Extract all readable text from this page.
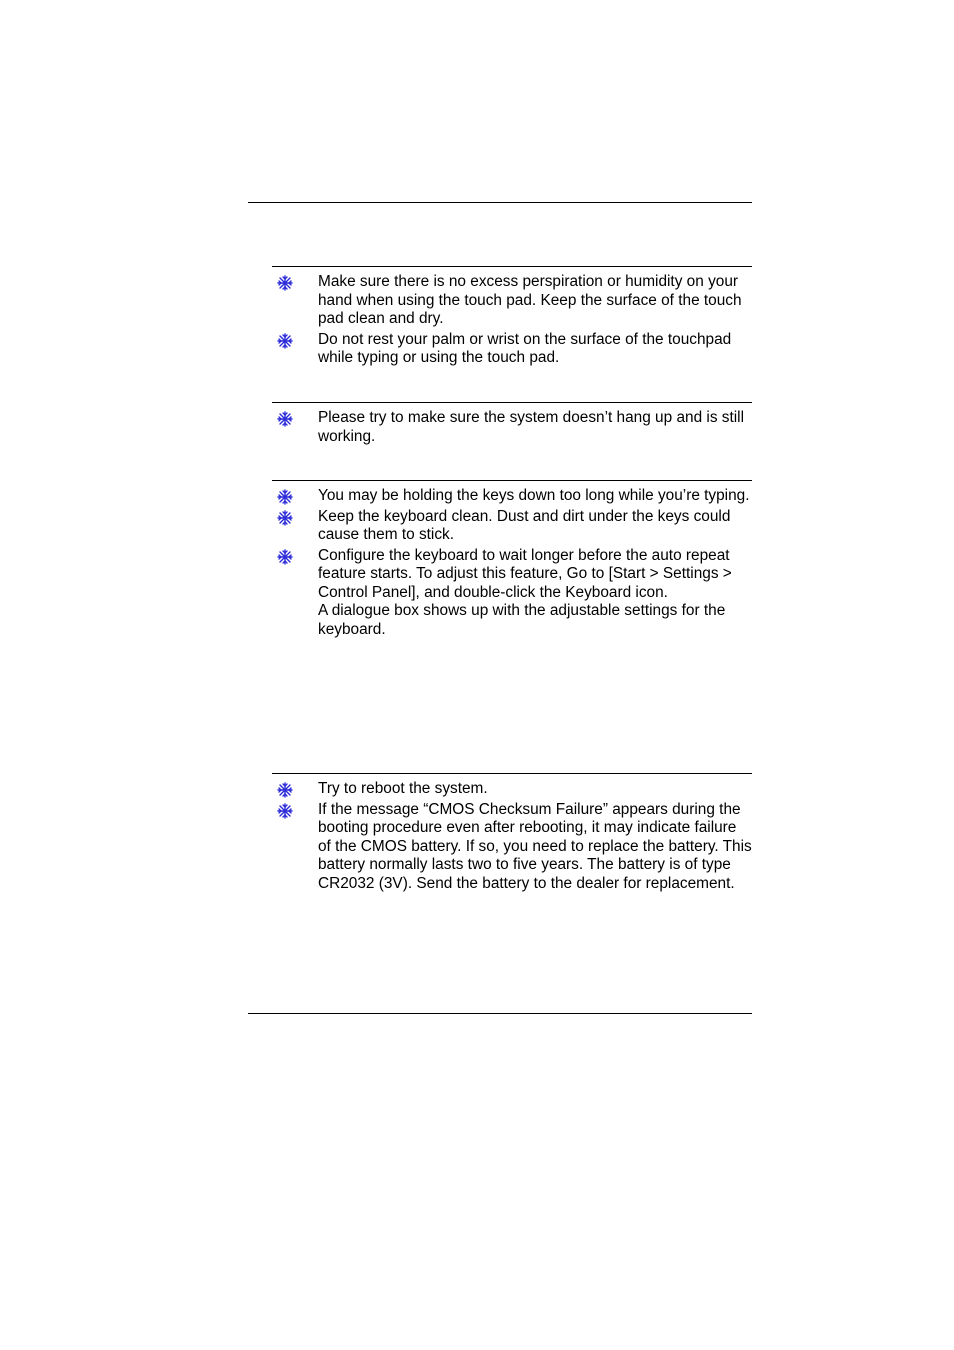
Make sure there is no excess perspiration or humidity on your hand when using the touch pad. Keep the surface of the touch pad clean and dry.
Do not rest your palm or wrist on the surface of the touchpad while typing or using the touch pad.
Please try to make sure the system doesn’t hang up and is still working.
You may be holding the keys down too long while you’re typing.
Keep the keyboard clean. Dust and dirt under the keys could cause them to stick.
Configure the keyboard to wait longer before the auto repeat feature starts. To adjust this feature, Go to [Start > Settings > Control Panel], and double-click the Keyboard icon.
A dialogue box shows up with the adjustable settings for the keyboard.
Try to reboot the system.
If the message “CMOS Checksum Failure” appears during the booting procedure even after rebooting, it may indicate failure of the CMOS battery. If so, you need to replace the battery. This battery normally lasts two to five years. The battery is of type CR2032 (3V). Send the battery to the dealer for replacement.
